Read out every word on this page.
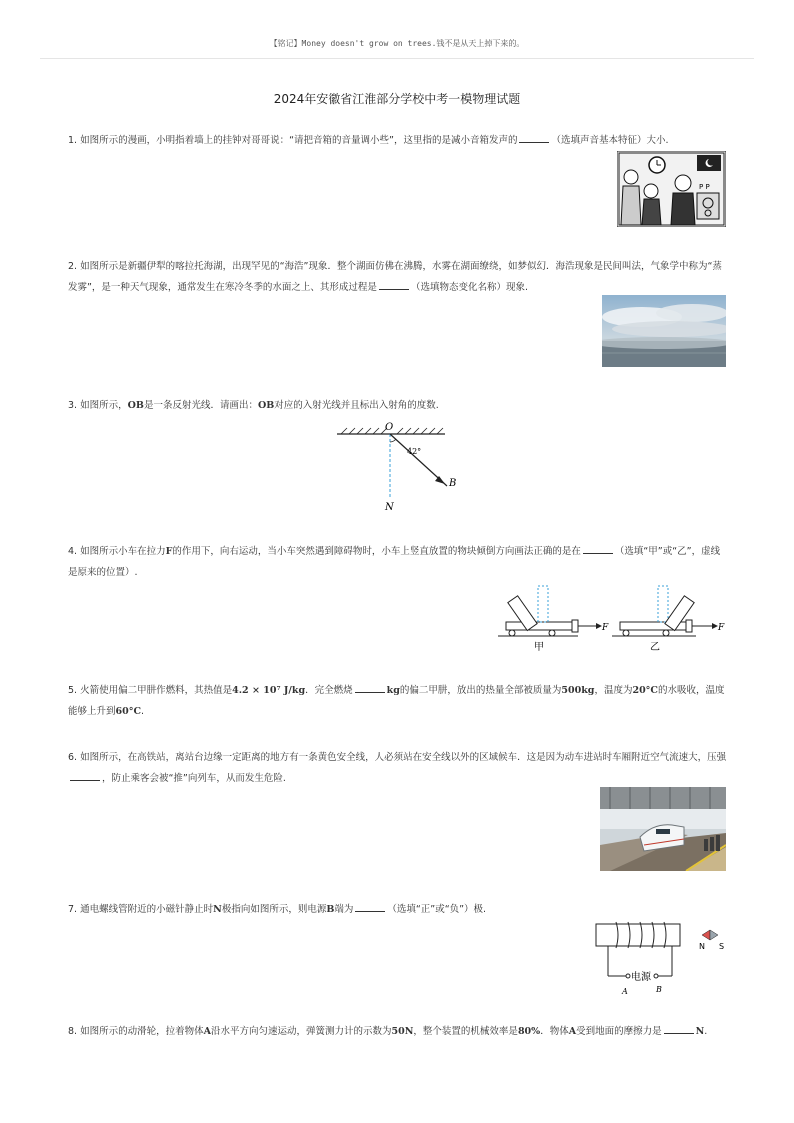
【铭记】Money doesn't grow on trees.钱不是从天上掉下来的。
2024年安徽省江淮部分学校中考一模物理试题
1. 如图所示的漫画，小明指着墙上的挂钟对哥哥说：“请把音箱的音量调小些”，这里指的是减小音箱发声的	（选填声音基本特征）大小.
P P
2. 如图所示是新疆伊犁的喀拉托海湖，出现罕见的“海浩”现象．整个湖面仿佛在沸腾，水雾在湖面缭绕，如梦似幻．海浩现象是民间叫法，气象学中称为“蒸发雾”，是一种天气现象，通常发生在寒冷冬季的水面之上、其形成过程是	（选填物态变化名称）现象.
3. 如图所示，OB是一条反射光线．请画出：OB对应的入射光线并且标出入射角的度数.
O
42°
B
N
4. 如图所示小车在拉力F的作用下，向右运动，当小车突然遇到障碍物时，小车上竖直放置的物块倾倒方向画法正确的是在	（选填“甲”或“乙”，虚线是原来的位置）.
F
甲
F
乙
5. 火箭使用偏二甲肼作燃料，其热值是4.2 × 10⁷ J/kg．完全燃烧	kg的偏二甲肼，放出的热量全部被质量为500kg，温度为20°C的水吸收，温度能够上升到60°C.
6. 如图所示，在高铁站，离站台边缘一定距离的地方有一条黄色安全线，人必须站在安全线以外的区域候车．这是因为动车进站时车厢附近空气流速大，压强，防止乘客会被“推”向列车，从而发生危险.
7. 通电螺线管附近的小磁针静止时N极指向如图所示，则电源B端为	（选填“正”或“负”）极.
电源
A	B
N S
8. 如图所示的动滑轮，拉着物体A沿水平方向匀速运动，弹簧测力计的示数为50N，整个装置的机械效率是80%．物体A受到地面的摩擦力是	N.
